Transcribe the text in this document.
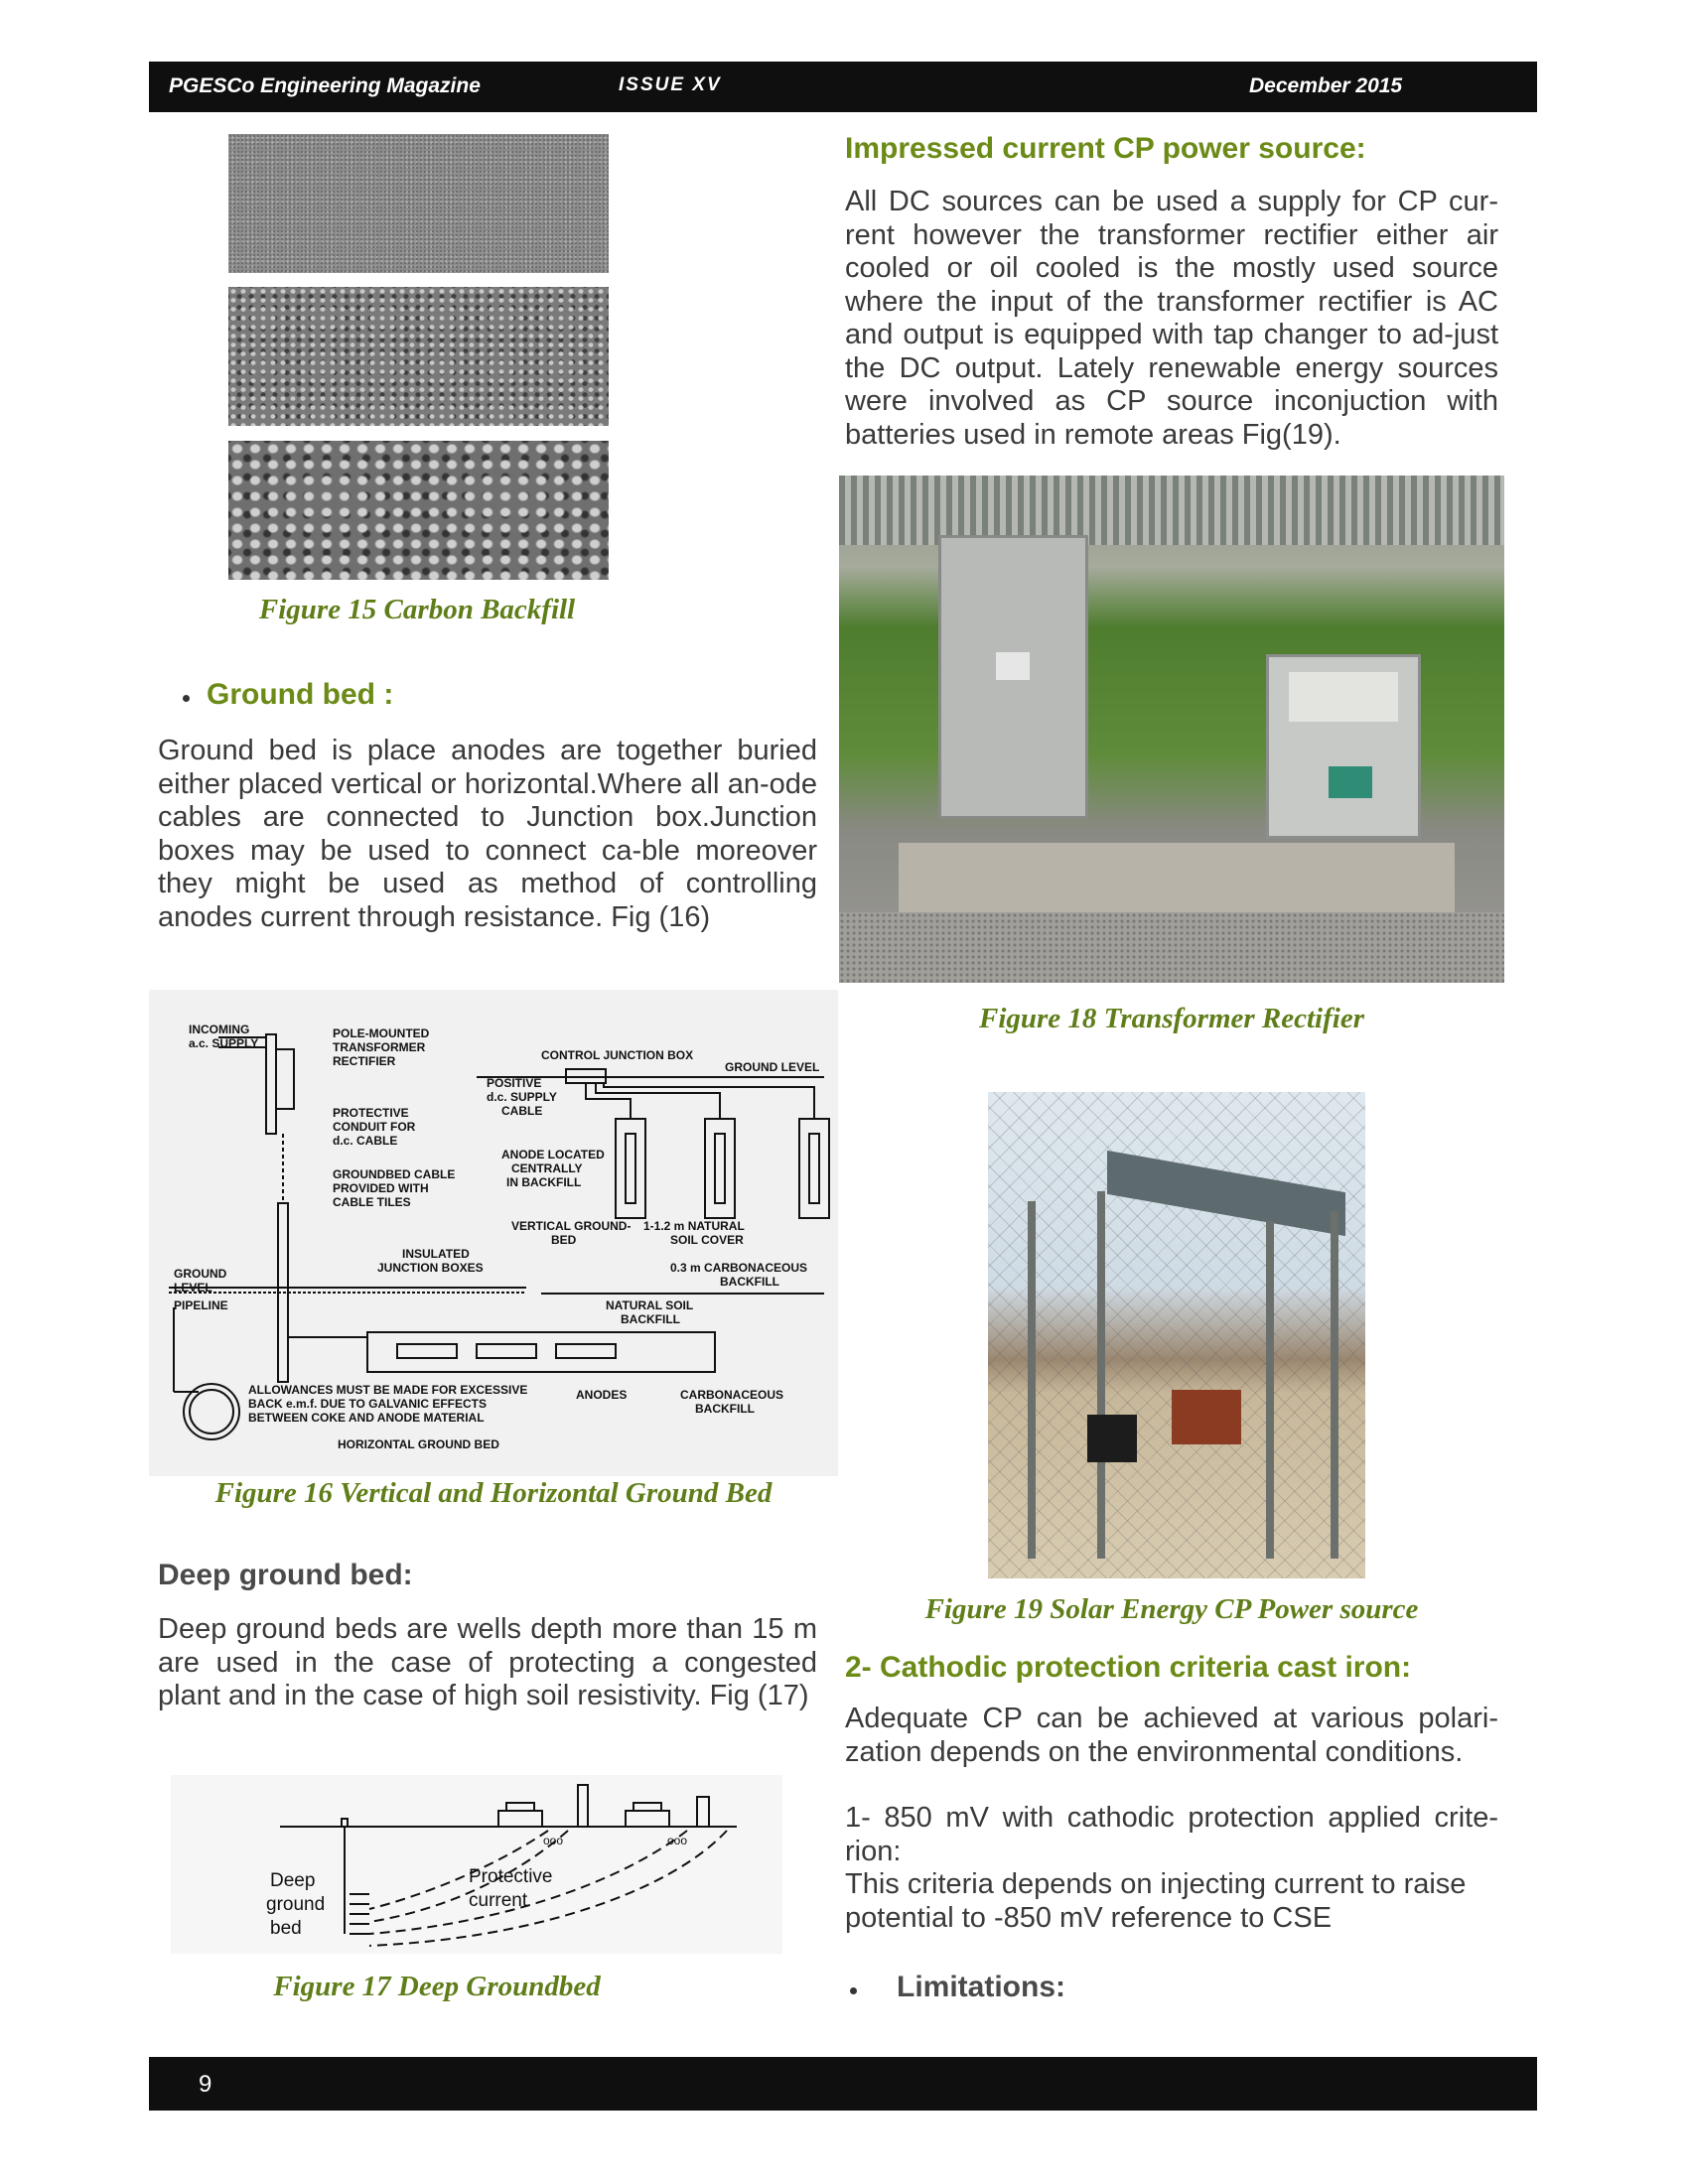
PGESCo Engineering Magazine	ISSUE XV	December 2015

Figure 15 Carbon Backfill

Ground bed :

Ground bed is place anodes are together buried either placed vertical or horizontal.Where all an-ode cables are connected to Junction box.Junction boxes may be used to connect ca-ble moreover they might be used as method of controlling anodes current through resistance. Fig (16)

INCOMING
a.c. SUPPLY
POLE-MOUNTED
TRANSFORMER
RECTIFIER
PROTECTIVE
CONDUIT FOR
d.c. CABLE
GROUNDBED CABLE
PROVIDED WITH
CABLE TILES
INSULATED
JUNCTION BOXES
GROUND
LEVEL
PIPELINE
CONTROL JUNCTION BOX
GROUND LEVEL
POSITIVE
d.c. SUPPLY
CABLE
ANODE LOCATED
CENTRALLY
IN BACKFILL
VERTICAL GROUND-
BED
1-1.2 m NATURAL
SOIL COVER
0.3 m CARBONACEOUS
BACKFILL
NATURAL SOIL
BACKFILL
ALLOWANCES MUST BE MADE FOR EXCESSIVE
BACK e.m.f. DUE TO GALVANIC EFFECTS
BETWEEN COKE AND ANODE MATERIAL
ANODES	CARBONACEOUS
BACKFILL
HORIZONTAL GROUND BED

Figure 16 Vertical and Horizontal Ground Bed

Deep ground bed:

Deep ground beds are wells depth more than 15 m are used in the case of protecting a congested plant and in the case of high soil resistivity. Fig (17)

Deep
ground
bed
Protective
current
ooo	ooo

Figure 17 Deep Groundbed

Impressed current CP power source:

All DC sources can be used a supply for CP cur-rent however the transformer rectifier either air cooled or oil cooled is the mostly used source where the input of the transformer rectifier is AC and output is equipped with tap changer to ad-just the DC output. Lately renewable energy sources were involved as CP source inconjuction with batteries used in remote areas Fig(19).

Figure 18 Transformer Rectifier

Figure 19 Solar Energy CP Power source

2- Cathodic protection criteria cast iron:

Adequate CP can be achieved at various polari-zation depends on the environmental conditions.

1- 850 mV with cathodic protection applied crite-rion:

This criteria depends on injecting current to raise potential to -850 mV reference to CSE

Limitations:

9
